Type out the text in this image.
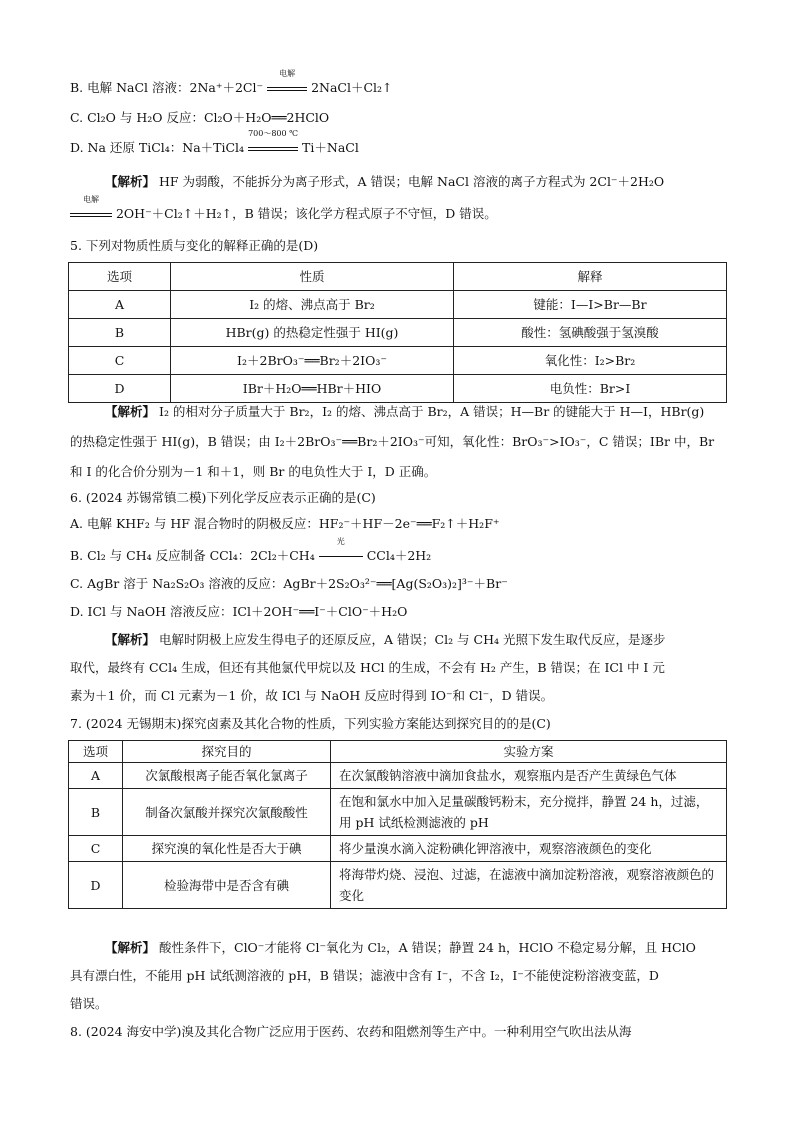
B. 电解 NaCl 溶液：2Na⁺＋2Cl⁻
电解
2NaCl＋Cl₂↑
C. Cl₂O 与 H₂O 反应：Cl₂O＋H₂O══2HClO
D. Na 还原 TiCl₄：Na＋TiCl₄
700～800 ℃
Ti＋NaCl
【解析】 HF 为弱酸，不能拆分为离子形式，A 错误；电解 NaCl 溶液的离子方程式为 2Cl⁻＋2H₂O
电解
2OH⁻＋Cl₂↑＋H₂↑，B 错误；该化学方程式原子不守恒，D 错误。
5. 下列对物质性质与变化的解释正确的是(D)
选项	性质	解释
A	I₂ 的熔、沸点高于 Br₂	键能：I—I>Br—Br
B	HBr(g) 的热稳定性强于 HI(g)	酸性：氢碘酸强于氢溴酸
C	I₂＋2BrO₃⁻══Br₂＋2IO₃⁻	氧化性：I₂>Br₂
D	IBr＋H₂O══HBr＋HIO	电负性：Br>I
【解析】 I₂ 的相对分子质量大于 Br₂，I₂ 的熔、沸点高于 Br₂，A 错误；H—Br 的键能大于 H—I，HBr(g)
的热稳定性强于 HI(g)，B 错误；由 I₂＋2BrO₃⁻══Br₂＋2IO₃⁻可知，氧化性：BrO₃⁻>IO₃⁻，C 错误；IBr 中，Br
和 I 的化合价分别为－1 和＋1，则 Br 的电负性大于 I，D 正确。
6. (2024 苏锡常镇二模)下列化学反应表示正确的是(C)
A. 电解 KHF₂ 与 HF 混合物时的阴极反应：HF₂⁻＋HF－2e⁻══F₂↑＋H₂F⁺
B. Cl₂ 与 CH₄ 反应制备 CCl₄：2Cl₂＋CH₄
光
CCl₄＋2H₂
C. AgBr 溶于 Na₂S₂O₃ 溶液的反应：AgBr＋2S₂O₃²⁻══[Ag(S₂O₃)₂]³⁻＋Br⁻
D. ICl 与 NaOH 溶液反应：ICl＋2OH⁻══I⁻＋ClO⁻＋H₂O
【解析】 电解时阴极上应发生得电子的还原反应，A 错误；Cl₂ 与 CH₄ 光照下发生取代反应，是逐步
取代，最终有 CCl₄ 生成，但还有其他氯代甲烷以及 HCl 的生成，不会有 H₂ 产生，B 错误；在 ICl 中 I 元
素为＋1 价，而 Cl 元素为－1 价，故 ICl 与 NaOH 反应时得到 IO⁻和 Cl⁻，D 错误。
7. (2024 无锡期末)探究卤素及其化合物的性质，下列实验方案能达到探究目的的是(C)
选项	探究目的	实验方案
A	次氯酸根离子能否氧化氯离子	在次氯酸钠溶液中滴加食盐水，观察瓶内是否产生黄绿色气体
B	制备次氯酸并探究次氯酸酸性	在饱和氯水中加入足量碳酸钙粉末，充分搅拌，静置 24 h，过滤，用 pH 试纸检测滤液的 pH
C	探究溴的氧化性是否大于碘	将少量溴水滴入淀粉碘化钾溶液中，观察溶液颜色的变化
D	检验海带中是否含有碘	将海带灼烧、浸泡、过滤，在滤液中滴加淀粉溶液，观察溶液颜色的变化
【解析】 酸性条件下，ClO⁻才能将 Cl⁻氧化为 Cl₂，A 错误；静置 24 h，HClO 不稳定易分解，且 HClO
具有漂白性，不能用 pH 试纸测溶液的 pH，B 错误；滤液中含有 I⁻，不含 I₂，I⁻不能使淀粉溶液变蓝，D
错误。
8. (2024 海安中学)溴及其化合物广泛应用于医药、农药和阻燃剂等生产中。一种利用空气吹出法从海
